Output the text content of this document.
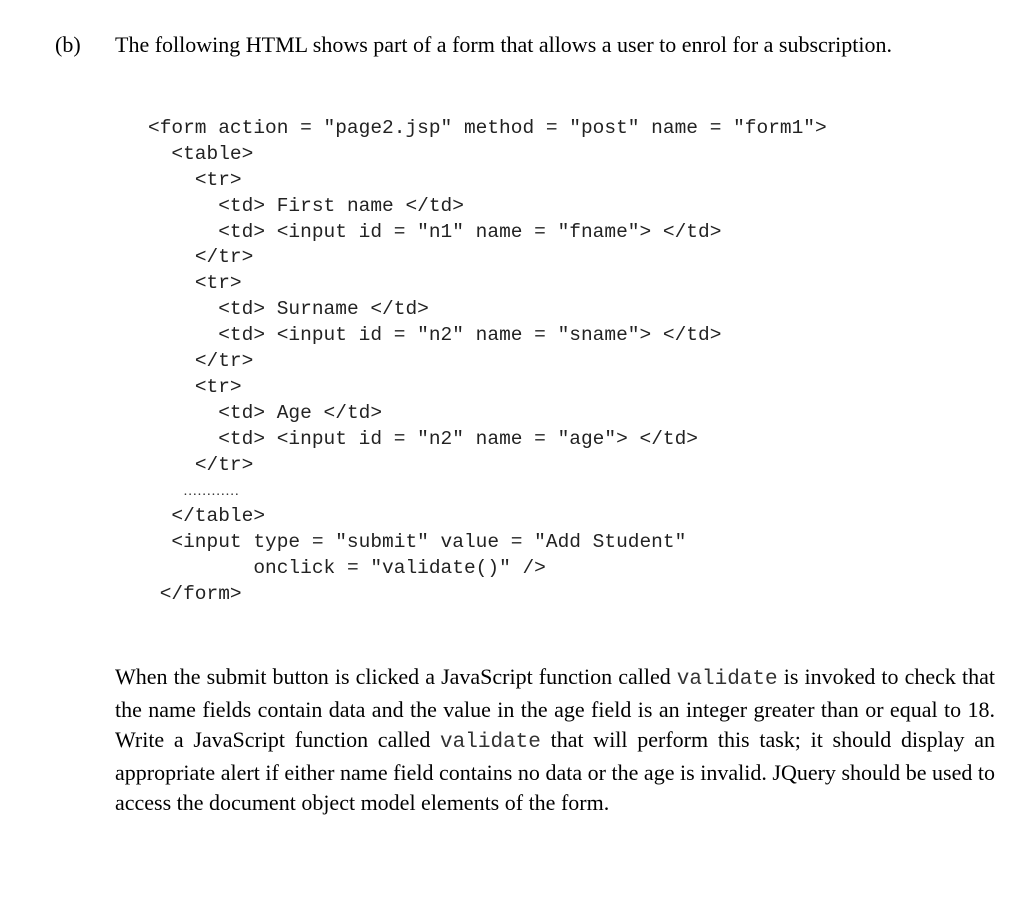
(b) The following HTML shows part of a form that allows a user to enrol for a subscription.
<form action = "page2.jsp" method = "post" name = "form1">
<table>
<tr>
<td> First name </td>
<td> <input id = "n1" name = "fname"> </td>
</tr>
<tr>
<td> Surname </td>
<td> <input id = "n2" name = "sname"> </td>
</tr>
<tr>
<td> Age </td>
<td> <input id = "n2" name = "age"> </td>
</tr>
…………
</table>
<input type = "submit" value = "Add Student"
onclick = "validate()" />
</form>

When the submit button is clicked a JavaScript function called validate is invoked to check that the name fields contain data and the value in the age field is an integer greater than or equal to 18. Write a JavaScript function called validate that will perform this task; it should display an appropriate alert if either name field contains no data or the age is invalid. JQuery should be used to access the document object model elements of the form.
